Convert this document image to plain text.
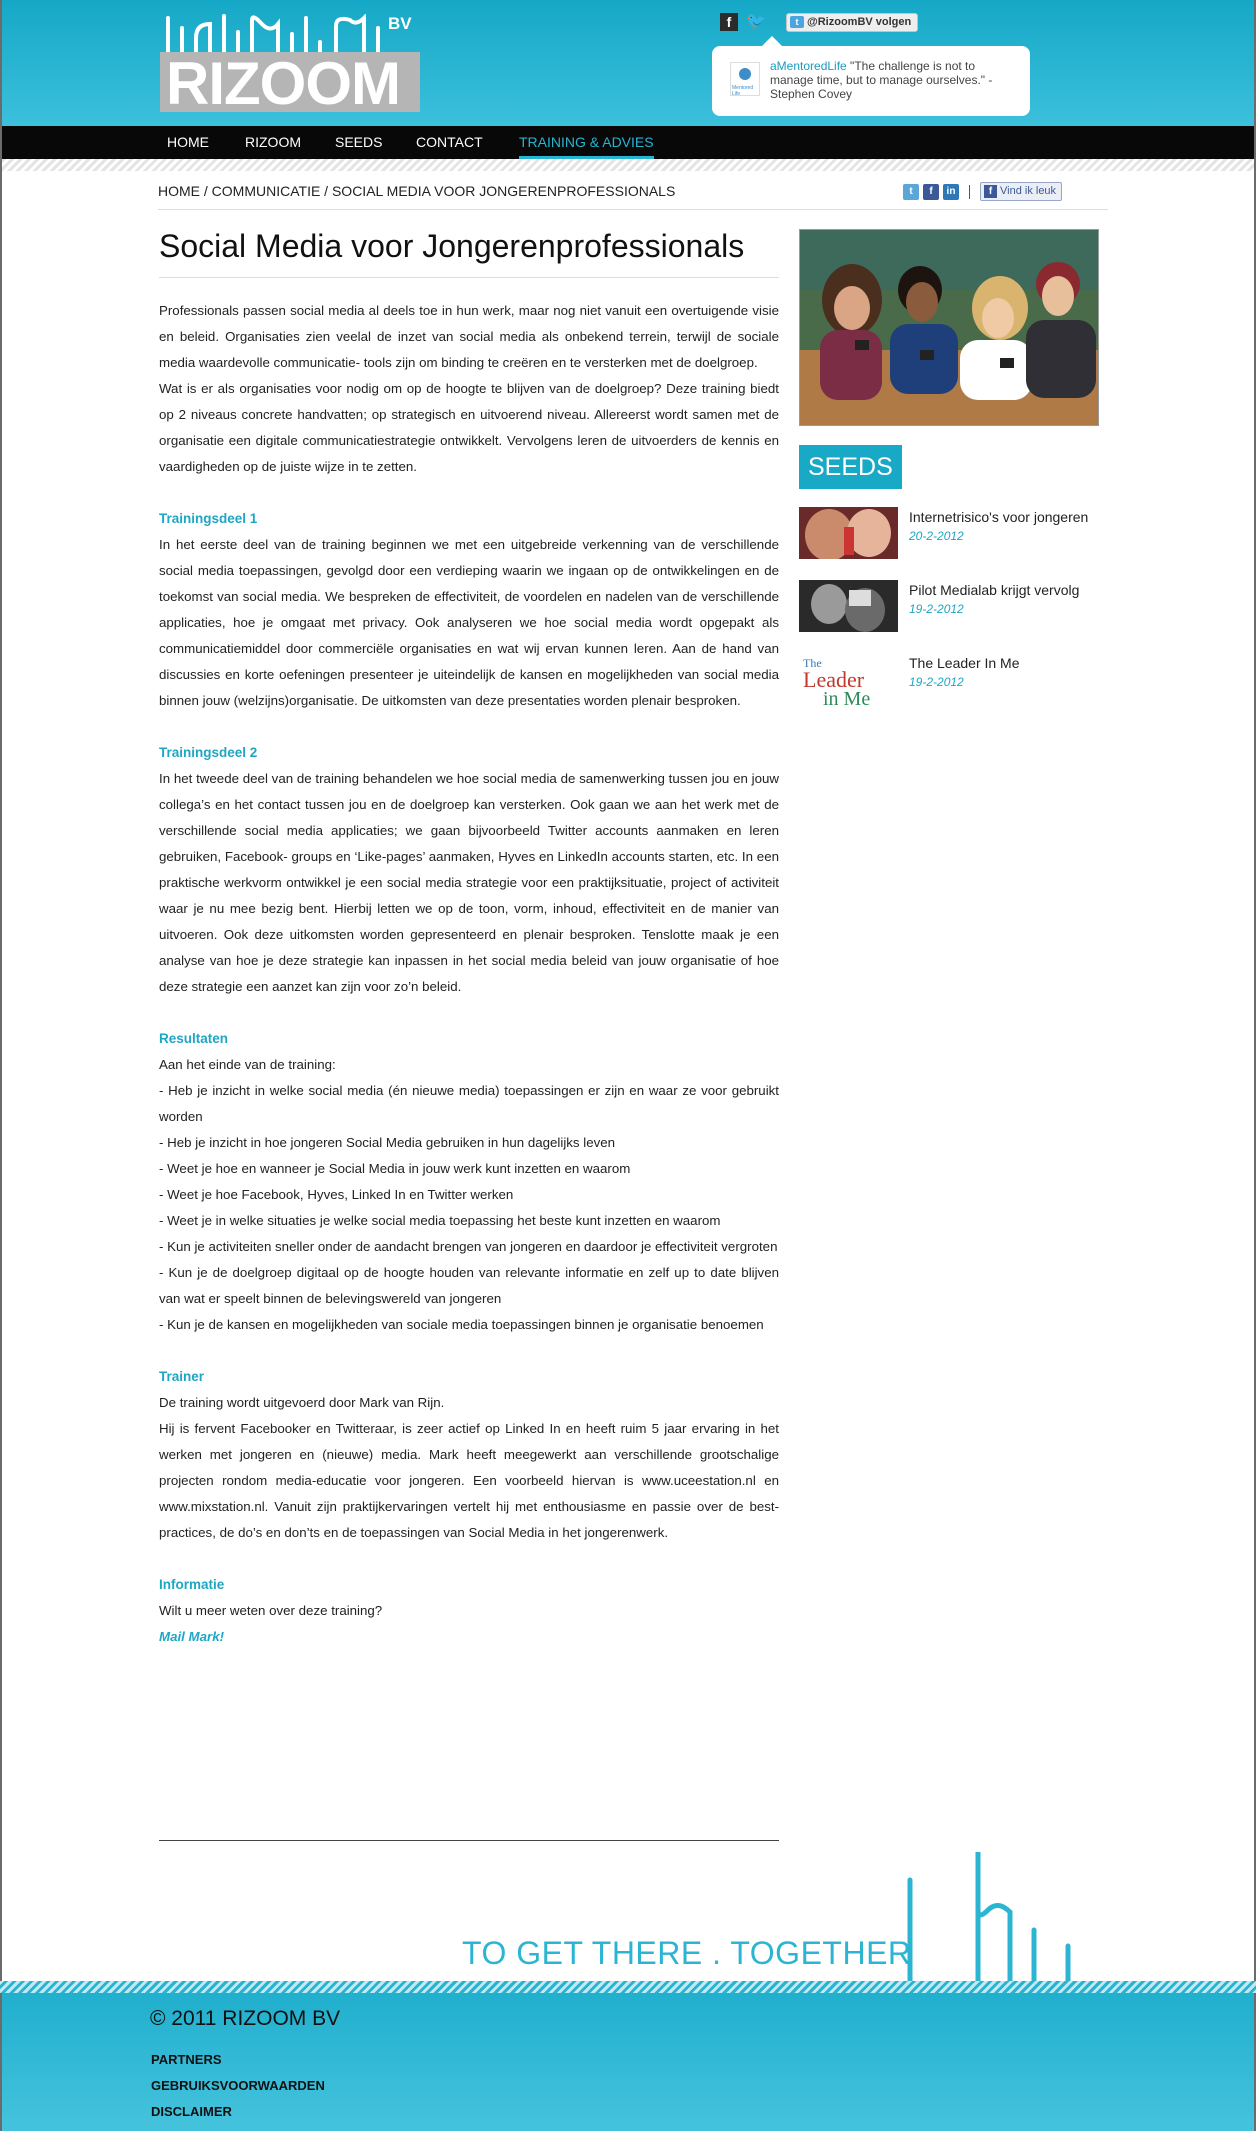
RIZOOM
BV	f 🐦	t @RizoomBV volgen
Mentored Life
aMentoredLife "The challenge is not to manage time, but to manage ourselves." - Stephen Covey
HOME	RIZOOM SEEDS CONTACT	TRAINING & ADVIES
HOME / COMMUNICATIE / SOCIAL MEDIA VOOR JONGERENPROFESSIONALS	t	f	in	f Vind ik leuk
Social Media voor Jongerenprofessionals

Professionals passen social media al deels toe in hun werk, maar nog niet vanuit een overtuigende visie en beleid. Organisaties zien veelal de inzet van social media als onbekend terrein, terwijl de sociale media waardevolle communicatie- tools zijn om binding te creëren en te versterken met de doelgroep.

Wat is er als organisaties voor nodig om op de hoogte te blijven van de doelgroep? Deze training biedt op 2 niveaus concrete handvatten; op strategisch en uitvoerend niveau. Allereerst wordt samen met de organisatie een digitale communicatiestrategie ontwikkelt. Vervolgens leren de uitvoerders de kennis en vaardigheden op de juiste wijze in te zetten.

Trainingsdeel 1

In het eerste deel van de training beginnen we met een uitgebreide verkenning van de verschillende social media toepassingen, gevolgd door een verdieping waarin we ingaan op de ontwikkelingen en de toekomst van social media. We bespreken de effectiviteit, de voordelen en nadelen van de verschillende applicaties, hoe je omgaat met privacy. Ook analyseren we hoe social media wordt opgepakt als communicatiemiddel door commerciële organisaties en wat wij ervan kunnen leren. Aan de hand van discussies en korte oefeningen presenteer je uiteindelijk de kansen en mogelijkheden van social media binnen jouw (welzijns)organisatie. De uitkomsten van deze presentaties worden plenair besproken.

Trainingsdeel 2

In het tweede deel van de training behandelen we hoe social media de samenwerking tussen jou en jouw collega’s en het contact tussen jou en de doelgroep kan versterken. Ook gaan we aan het werk met de verschillende social media applicaties; we gaan bijvoorbeeld Twitter accounts aanmaken en leren gebruiken, Facebook- groups en ‘Like-pages’ aanmaken, Hyves en LinkedIn accounts starten, etc. In een praktische werkvorm ontwikkel je een social media strategie voor een praktijksituatie, project of activiteit waar je nu mee bezig bent. Hierbij letten we op de toon, vorm, inhoud, effectiviteit en de manier van uitvoeren. Ook deze uitkomsten worden gepresenteerd en plenair besproken. Tenslotte maak je een analyse van hoe je deze strategie kan inpassen in het social media beleid van jouw organisatie of hoe deze strategie een aanzet kan zijn voor zo’n beleid.

Resultaten

Aan het einde van de training:

- Heb je inzicht in welke social media (én nieuwe media) toepassingen er zijn en waar ze voor gebruikt worden

- Heb je inzicht in hoe jongeren Social Media gebruiken in hun dagelijks leven

- Weet je hoe en wanneer je Social Media in jouw werk kunt inzetten en waarom

- Weet je hoe Facebook, Hyves, Linked In en Twitter werken

- Weet je in welke situaties je welke social media toepassing het beste kunt inzetten en waarom

- Kun je activiteiten sneller onder de aandacht brengen van jongeren en daardoor je effectiviteit vergroten

- Kun je de doelgroep digitaal op de hoogte houden van relevante informatie en zelf up to date blijven van wat er speelt binnen de belevingswereld van jongeren

- Kun je de kansen en mogelijkheden van sociale media toepassingen binnen je organisatie benoemen

Trainer

De training wordt uitgevoerd door Mark van Rijn.

Hij is fervent Facebooker en Twitteraar, is zeer actief op Linked In en heeft ruim 5 jaar ervaring in het werken met jongeren en (nieuwe) media. Mark heeft meegewerkt aan verschillende grootschalige projecten rondom media-educatie voor jongeren. Een voorbeeld hiervan is www.uceestation.nl en www.mixstation.nl. Vanuit zijn praktijkervaringen vertelt hij met enthousiasme en passie over de best- practices, de do’s en don’ts en de toepassingen van Social Media in het jongerenwerk.

Informatie

Wilt u meer weten over deze training?

Mail Mark!

SEEDS
Internetrisico's voor jongeren
20-2-2012
Pilot Medialab krijgt vervolg
19-2-2012
The
Leader
in Me
The Leader In Me
19-2-2012
TO GET THERE . TOGETHER
© 2011 RIZOOM BV
PARTNERS
GEBRUIKSVOORWAARDEN
DISCLAIMER
